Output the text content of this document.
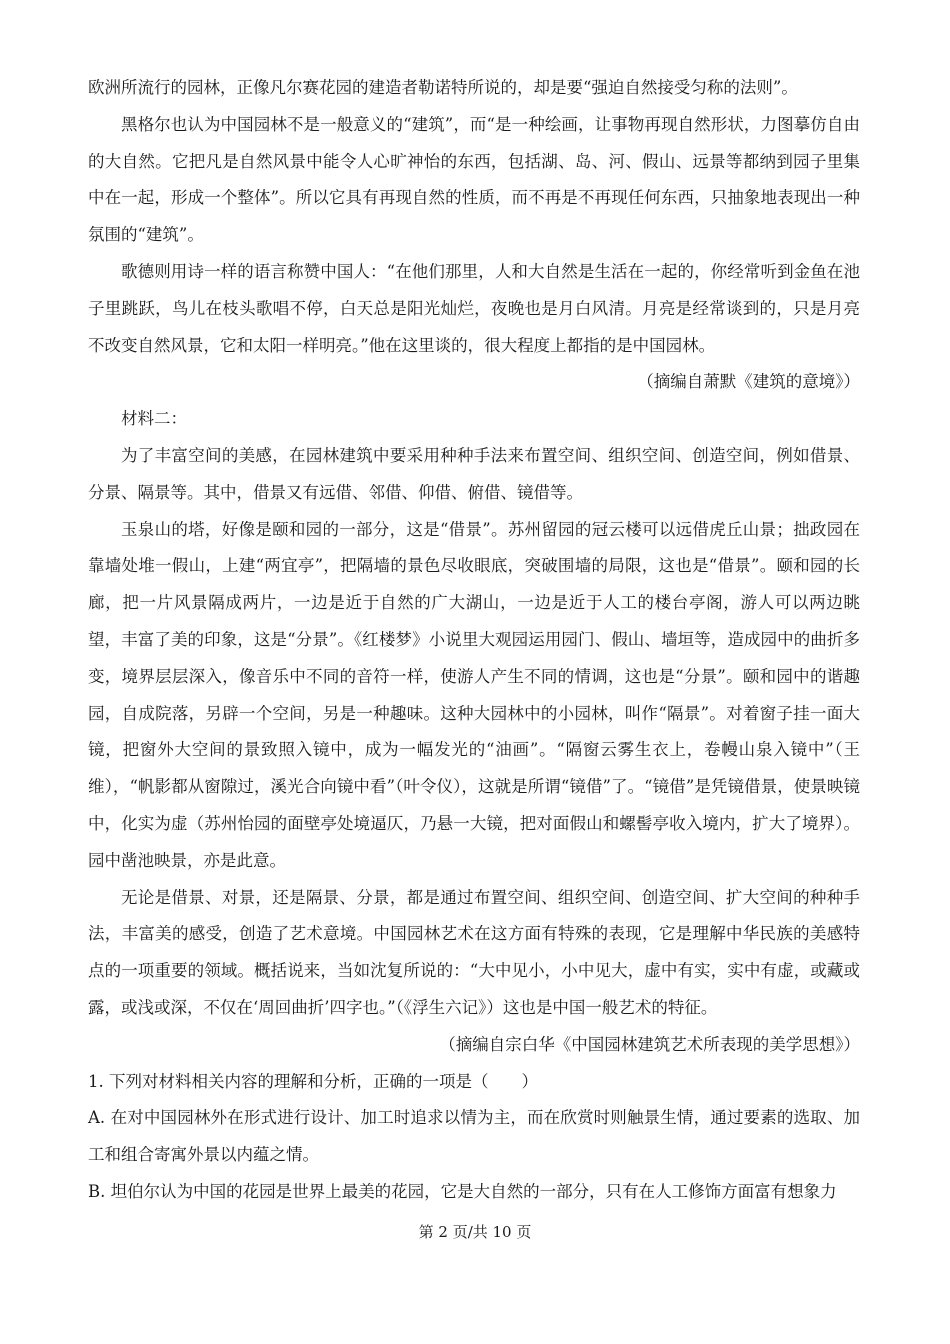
欧洲所流行的园林，正像凡尔赛花园的建造者勒诺特所说的，却是要“强迫自然接受匀称的法则”。

黑格尔也认为中国园林不是一般意义的“建筑”，而“是一种绘画，让事物再现自然形状，力图摹仿自由的大自然。它把凡是自然风景中能令人心旷神怡的东西，包括湖、岛、河、假山、远景等都纳到园子里集中在一起，形成一个整体”。所以它具有再现自然的性质，而不再是不再现任何东西，只抽象地表现出一种氛围的“建筑”。

歌德则用诗一样的语言称赞中国人：“在他们那里，人和大自然是生活在一起的，你经常听到金鱼在池子里跳跃，鸟儿在枝头歌唱不停，白天总是阳光灿烂，夜晚也是月白风清。月亮是经常谈到的，只是月亮不改变自然风景，它和太阳一样明亮。”他在这里谈的，很大程度上都指的是中国园林。

（摘编自萧默《建筑的意境》）

材料二：

为了丰富空间的美感，在园林建筑中要采用种种手法来布置空间、组织空间、创造空间，例如借景、分景、隔景等。其中，借景又有远借、邻借、仰借、俯借、镜借等。

玉泉山的塔，好像是颐和园的一部分，这是“借景”。苏州留园的冠云楼可以远借虎丘山景；拙政园在靠墙处堆一假山，上建“两宜亭”，把隔墙的景色尽收眼底，突破围墙的局限，这也是“借景”。颐和园的长廊，把一片风景隔成两片，一边是近于自然的广大湖山，一边是近于人工的楼台亭阁，游人可以两边眺望，丰富了美的印象，这是“分景”。《红楼梦》小说里大观园运用园门、假山、墙垣等，造成园中的曲折多变，境界层层深入，像音乐中不同的音符一样，使游人产生不同的情调，这也是“分景”。颐和园中的谐趣园，自成院落，另辟一个空间，另是一种趣味。这种大园林中的小园林，叫作“隔景”。对着窗子挂一面大镜，把窗外大空间的景致照入镜中，成为一幅发光的“油画”。“隔窗云雾生衣上，卷幔山泉入镜中”（王维），“帆影都从窗隙过，溪光合向镜中看”（叶令仪），这就是所谓“镜借”了。“镜借”是凭镜借景，使景映镜中，化实为虚（苏州怡园的面壁亭处境逼仄，乃悬一大镜，把对面假山和螺髻亭收入境内，扩大了境界）。园中凿池映景，亦是此意。

无论是借景、对景，还是隔景、分景，都是通过布置空间、组织空间、创造空间、扩大空间的种种手法，丰富美的感受，创造了艺术意境。中国园林艺术在这方面有特殊的表现，它是理解中华民族的美感特点的一项重要的领域。概括说来，当如沈复所说的：“大中见小，小中见大，虚中有实，实中有虚，或藏或露，或浅或深，不仅在‘周回曲折’四字也。”（《浮生六记》）这也是中国一般艺术的特征。

（摘编自宗白华《中国园林建筑艺术所表现的美学思想》）

1. 下列对材料相关内容的理解和分析，正确的一项是（　　）

A. 在对中国园林外在形式进行设计、加工时追求以情为主，而在欣赏时则触景生情，通过要素的选取、加工和组合寄寓外景以内蕴之情。

B. 坦伯尔认为中国的花园是世界上最美的花园，它是大自然的一部分，只有在人工修饰方面富有想象力

第 2 页/共 10 页
